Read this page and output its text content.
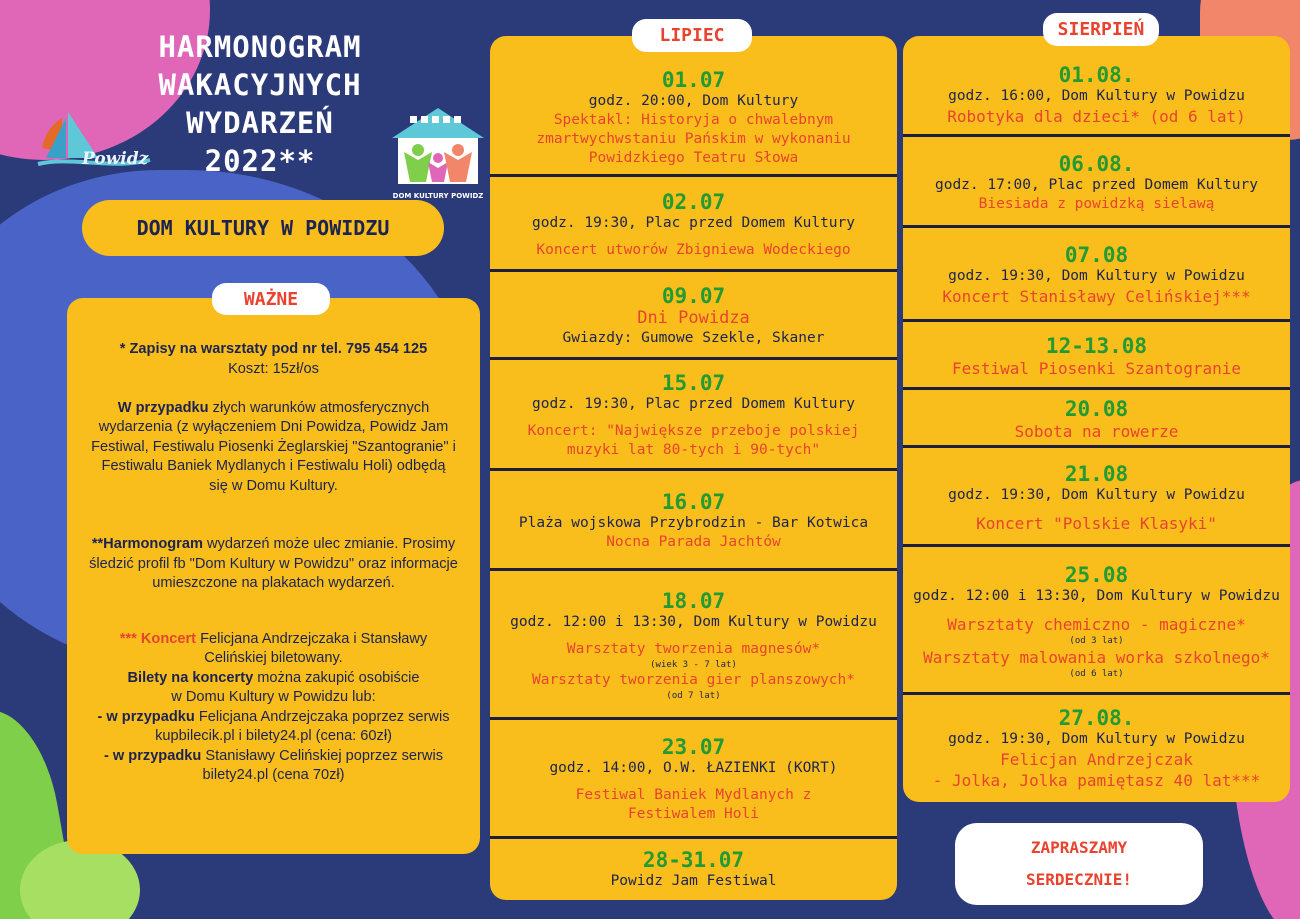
HARMONOGRAM
WAKACYJNYCH
WYDARZEŃ
2022**
Powidz
DOM KULTURY POWIDZ
DOM KULTURY W POWIDZU

* Zapisy na warsztaty pod nr tel. 795 454 125
Koszt: 15zł/os

W przypadku złych warunków atmosferycznych wydarzenia (z wyłączeniem Dni Powidza, Powidz Jam Festiwal, Festiwalu Piosenki Żeglarskiej "Szantogranie" i Festiwalu Baniek Mydlanych i Festiwalu Holi) odbędą się w Domu Kultury.

**Harmonogram wydarzeń może ulec zmianie. Prosimy śledzić profil fb "Dom Kultury w Powidzu" oraz informacje umieszczone na plakatach wydarzeń.

*** Koncert Felicjana Andrzejczaka i Stansławy Celińskiej biletowany.
Bilety na koncerty można zakupić osobiście
w Domu Kultury w Powidzu lub:
- w przypadku Felicjana Andrzejczaka poprzez serwis kupbilecik.pl i bilety24.pl (cena: 60zł)
- w przypadku Stanisławy Celińskiej poprzez serwis bilety24.pl (cena 70zł)
WAŻNE
01.07
godz. 20:00, Dom Kultury
Spektakl: Historyja o chwalebnym zmartwychwstaniu Pańskim w wykonaniu Powidzkiego Teatru Słowa
02.07
godz. 19:30, Plac przed Domem Kultury
Koncert utworów Zbigniewa Wodeckiego
09.07
Dni Powidza
Gwiazdy: Gumowe Szekle, Skaner
15.07
godz. 19:30, Plac przed Domem Kultury
Koncert: "Największe przeboje polskiej muzyki lat 80-tych i 90-tych"
16.07
Plaża wojskowa Przybrodzin - Bar Kotwica
Nocna Parada Jachtów
18.07
godz. 12:00 i 13:30, Dom Kultury w Powidzu
Warsztaty tworzenia magnesów*
(wiek 3 - 7 lat)
Warsztaty tworzenia gier planszowych*
(od 7 lat)
23.07
godz. 14:00, O.W. ŁAZIENKI (KORT)
Festiwal Baniek Mydlanych z Festiwalem Holi
28-31.07
Powidz Jam Festiwal
LIPIEC
01.08.
godz. 16:00, Dom Kultury w Powidzu
Robotyka dla dzieci* (od 6 lat)
06.08.
godz. 17:00, Plac przed Domem Kultury
Biesiada z powidzką sielawą
07.08
godz. 19:30, Dom Kultury w Powidzu
Koncert Stanisławy Celińskiej***
12-13.08
Festiwal Piosenki Szantogranie
20.08
Sobota na rowerze
21.08
godz. 19:30, Dom Kultury w Powidzu
Koncert "Polskie Klasyki"
25.08
godz. 12:00 i 13:30, Dom Kultury w Powidzu
Warsztaty chemiczno - magiczne*
(od 3 lat)
Warsztaty malowania worka szkolnego*
(od 6 lat)
27.08.
godz. 19:30, Dom Kultury w Powidzu
Felicjan Andrzejczak
- Jolka, Jolka pamiętasz 40 lat***
SIERPIEŃ
ZAPRASZAMY
SERDECZNIE!
